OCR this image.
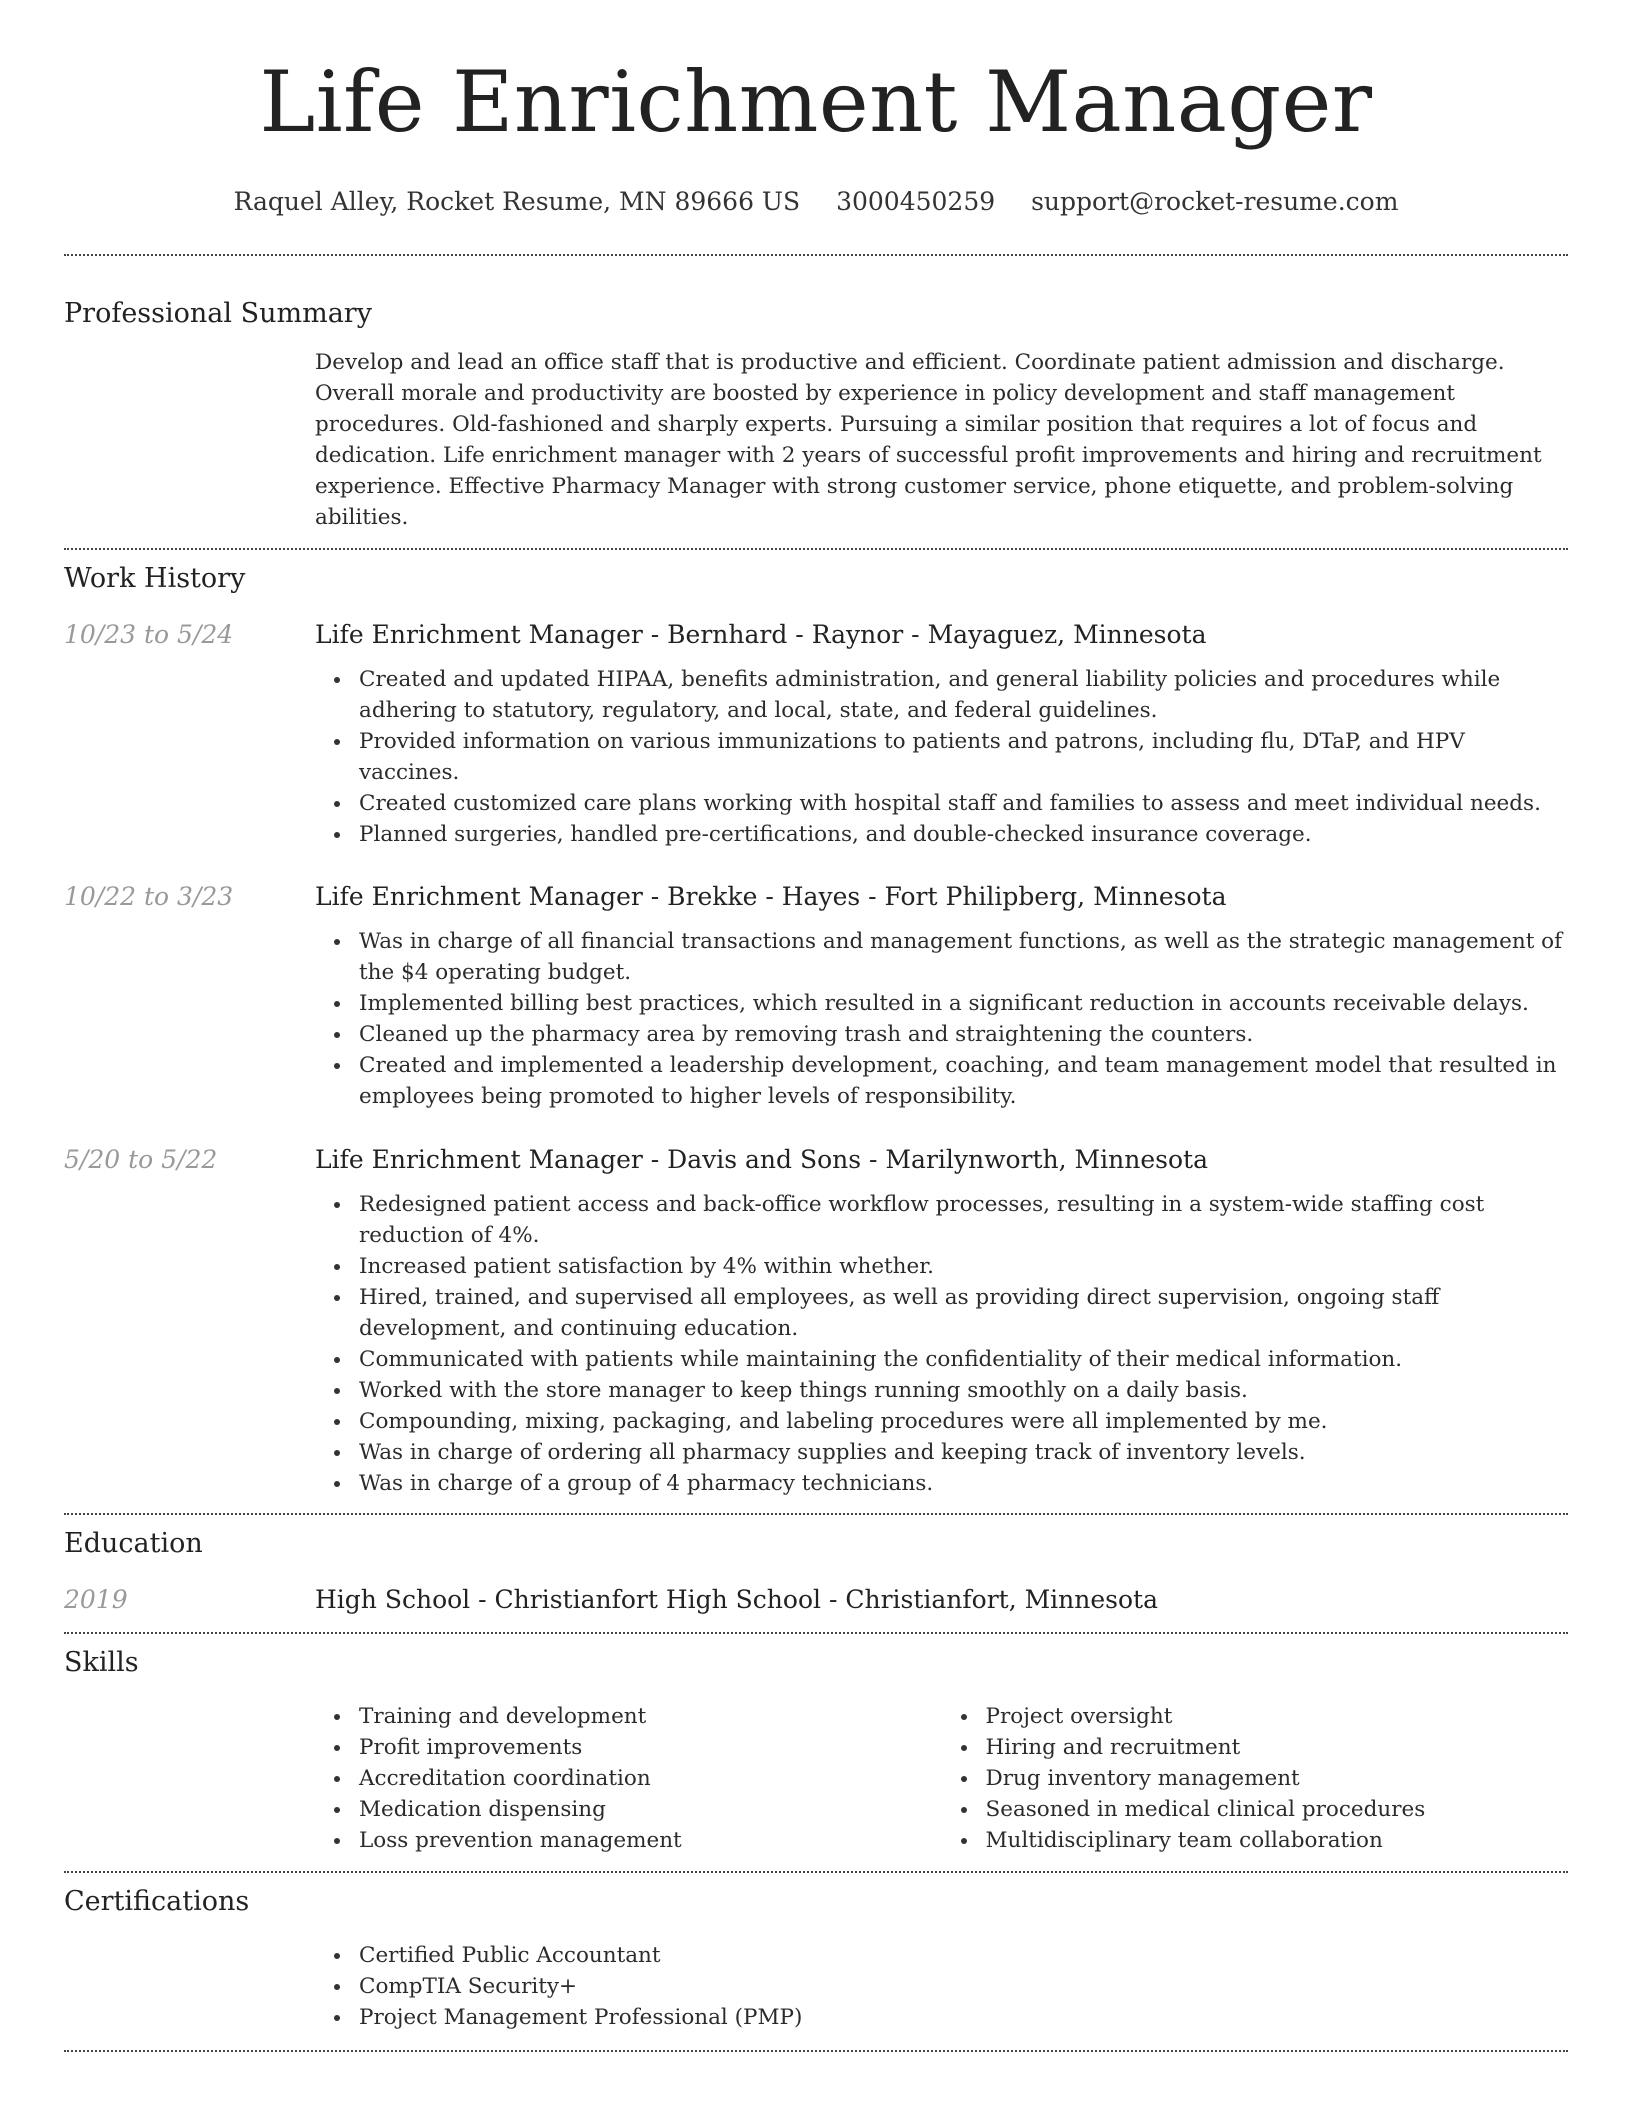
Life Enrichment Manager
Raquel Alley, Rocket Resume, MN 89666 US 3000450259 support@rocket-resume.com
Professional Summary
Develop and lead an office staff that is productive and efficient. Coordinate patient admission and discharge. Overall morale and productivity are boosted by experience in policy development and staff management procedures. Old-fashioned and sharply experts. Pursuing a similar position that requires a lot of focus and dedication. Life enrichment manager with 2 years of successful profit improvements and hiring and recruitment experience. Effective Pharmacy Manager with strong customer service, phone etiquette, and problem-solving abilities.
Work History
10/23 to 5/24	Life Enrichment Manager - Bernhard - Raynor - Mayaguez, Minnesota
Created and updated HIPAA, benefits administration, and general liability policies and procedures while adhering to statutory, regulatory, and local, state, and federal guidelines.
Provided information on various immunizations to patients and patrons, including flu, DTaP, and HPV vaccines.
Created customized care plans working with hospital staff and families to assess and meet individual needs.
Planned surgeries, handled pre-certifications, and double-checked insurance coverage.
10/22 to 3/23	Life Enrichment Manager - Brekke - Hayes - Fort Philipberg, Minnesota
Was in charge of all financial transactions and management functions, as well as the strategic management of the $4 operating budget.
Implemented billing best practices, which resulted in a significant reduction in accounts receivable delays.
Cleaned up the pharmacy area by removing trash and straightening the counters.
Created and implemented a leadership development, coaching, and team management model that resulted in employees being promoted to higher levels of responsibility.
5/20 to 5/22	Life Enrichment Manager - Davis and Sons - Marilynworth, Minnesota
Redesigned patient access and back-office workflow processes, resulting in a system-wide staffing cost reduction of 4%.
Increased patient satisfaction by 4% within whether.
Hired, trained, and supervised all employees, as well as providing direct supervision, ongoing staff development, and continuing education.
Communicated with patients while maintaining the confidentiality of their medical information.
Worked with the store manager to keep things running smoothly on a daily basis.
Compounding, mixing, packaging, and labeling procedures were all implemented by me.
Was in charge of ordering all pharmacy supplies and keeping track of inventory levels.
Was in charge of a group of 4 pharmacy technicians.
Education
2019	High School - Christianfort High School - Christianfort, Minnesota
Skills
Training and development
Profit improvements
Accreditation coordination
Medication dispensing
Loss prevention management
Project oversight
Hiring and recruitment
Drug inventory management
Seasoned in medical clinical procedures
Multidisciplinary team collaboration
Certifications
Certified Public Accountant
CompTIA Security+
Project Management Professional (PMP)
